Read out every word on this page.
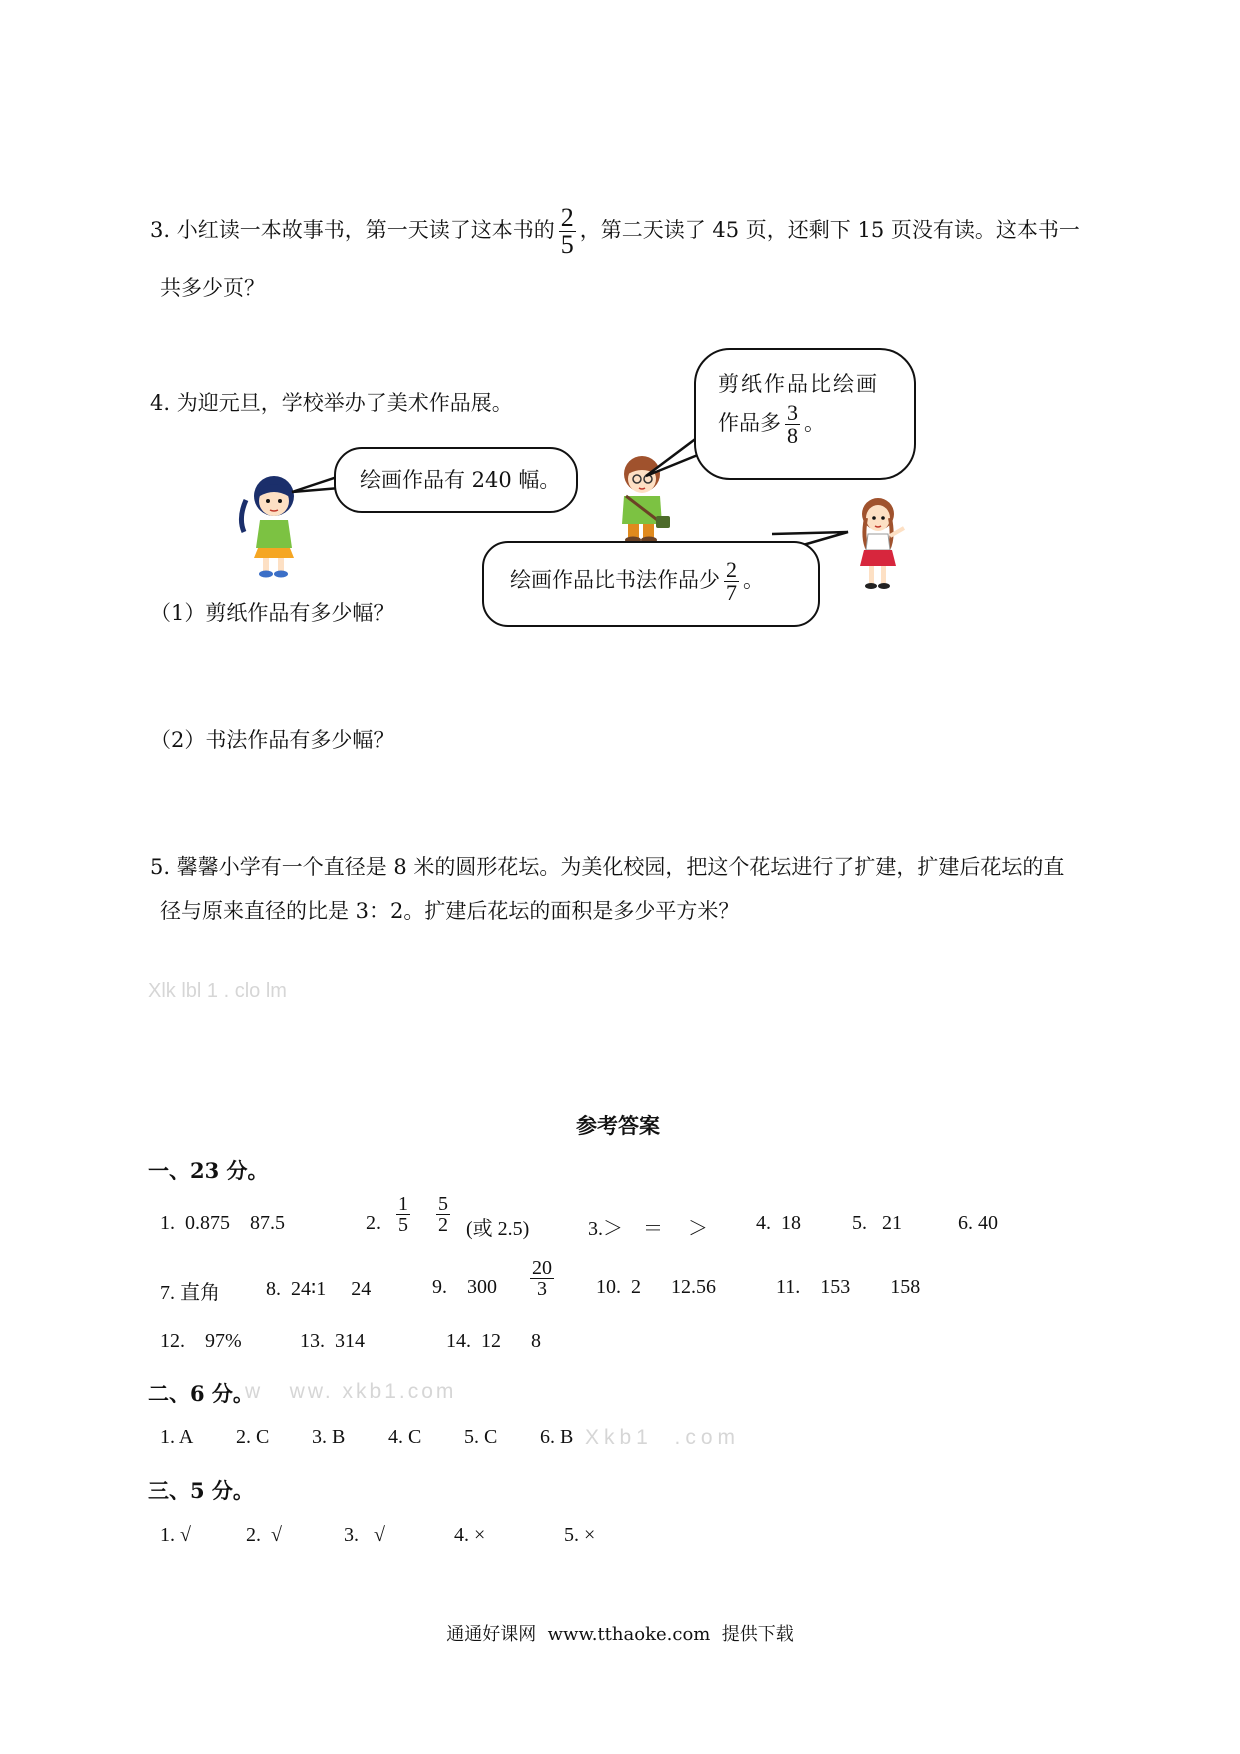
3. 小红读一本故事书，第一天读了这本书的 $\frac{2}{5}$ ，第二天读了 45 页，还剩下 15 页没有读。这本书一
共多少页？
4. 为迎元旦，学校举办了美术作品展。
绘画作品有 240 幅。
剪纸作品比绘画
作品多 $\frac{3}{8}$ 。
绘画作品比书法作品少 $\frac{2}{7}$ 。
（1）剪纸作品有多少幅？
（2）书法作品有多少幅？
5. 馨馨小学有一个直径是 8 米的圆形花坛。为美化校园，把这个花坛进行了扩建，扩建后花坛的直
径与原来直径的比是 3：2。扩建后花坛的面积是多少平方米？
Xlk lbl 1 . clo lm
参考答案
一、23 分。
1.  0.875    87.5	2. $\frac{1}{5} \frac{5}{2}$ (或 2.5)	3.＞    ＝     ＞ 4.  18	5.   21	6. 40
7. 直角 8.  24∶1     24	9.    $300 \frac{20}{3} 10$.  2      12.56	11.    153        158
12.    97%	13.  314	14.  12      8
二、6 分。
w   ww. xkb1.com
1. A 2. C 3. B 4. C 5. C 6. B Xkb1  .com
三、5 分。
1. √	2.  √	3.   √	4. ×	5. ×
通通好课网  www.tthaoke.com  提供下载
